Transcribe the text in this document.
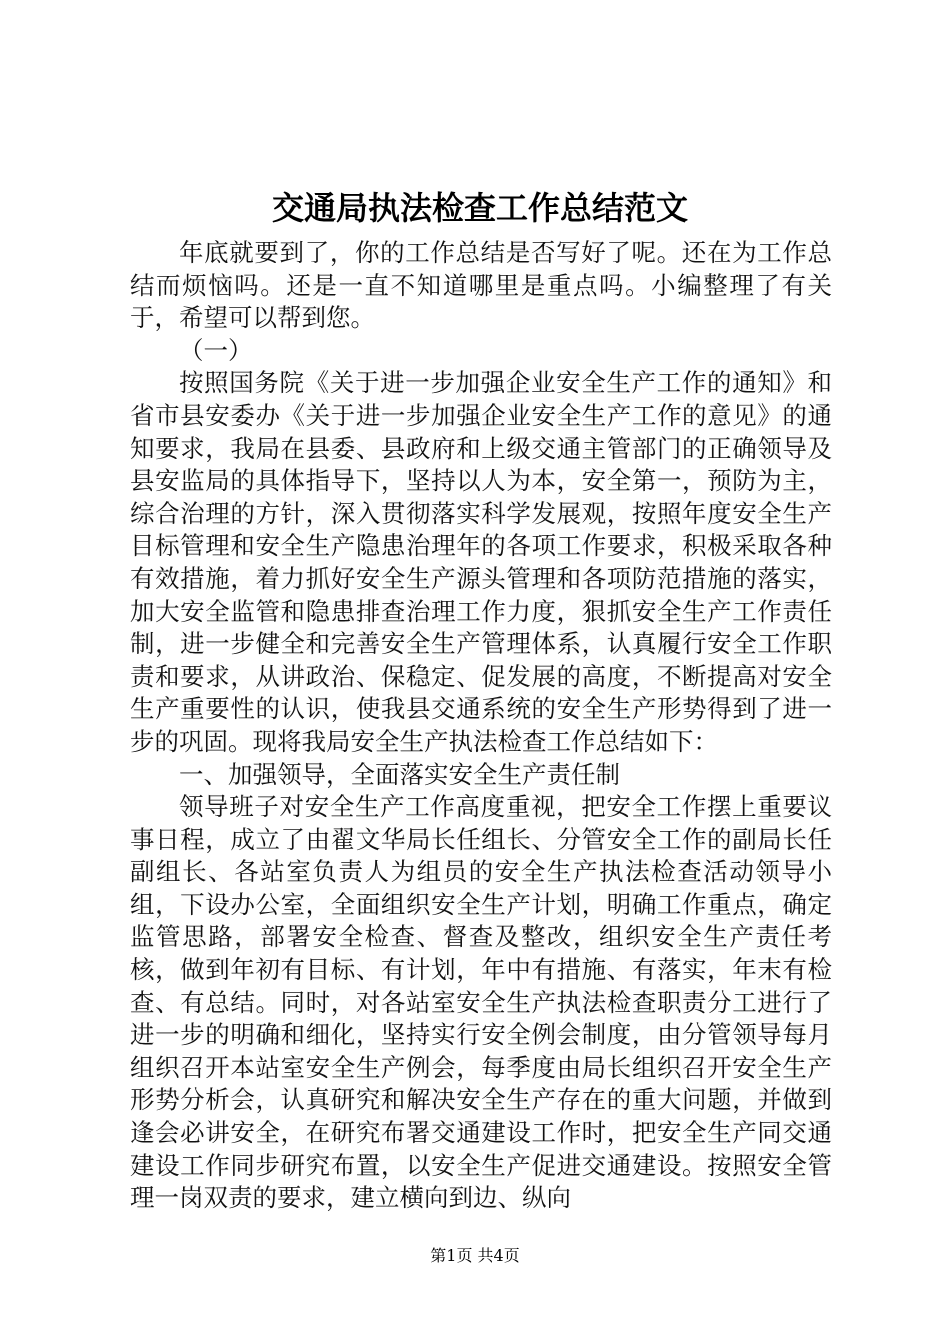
交通局执法检查工作总结范文

年底就要到了，你的工作总结是否写好了呢。还在为工作总结而烦恼吗。还是一直不知道哪里是重点吗。小编整理了有关于，希望可以帮到您。

（一）

按照国务院《关于进一步加强企业安全生产工作的通知》和省市县安委办《关于进一步加强企业安全生产工作的意见》的通知要求，我局在县委、县政府和上级交通主管部门的正确领导及县安监局的具体指导下，坚持以人为本，安全第一，预防为主，综合治理的方针，深入贯彻落实科学发展观，按照年度安全生产目标管理和安全生产隐患治理年的各项工作要求，积极采取各种有效措施，着力抓好安全生产源头管理和各项防范措施的落实，加大安全监管和隐患排查治理工作力度，狠抓安全生产工作责任制，进一步健全和完善安全生产管理体系，认真履行安全工作职责和要求，从讲政治、保稳定、促发展的高度，不断提高对安全生产重要性的认识，使我县交通系统的安全生产形势得到了进一步的巩固。现将我局安全生产执法检查工作总结如下：

一、加强领导，全面落实安全生产责任制

领导班子对安全生产工作高度重视，把安全工作摆上重要议事日程，成立了由翟文华局长任组长、分管安全工作的副局长任副组长、各站室负责人为组员的安全生产执法检查活动领导小组，下设办公室，全面组织安全生产计划，明确工作重点，确定监管思路，部署安全检查、督查及整改，组织安全生产责任考核，做到年初有目标、有计划，年中有措施、有落实，年末有检查、有总结。同时，对各站室安全生产执法检查职责分工进行了进一步的明确和细化，坚持实行安全例会制度，由分管领导每月组织召开本站室安全生产例会，每季度由局长组织召开安全生产形势分析会，认真研究和解决安全生产存在的重大问题，并做到逢会必讲安全，在研究布署交通建设工作时，把安全生产同交通建设工作同步研究布置，以安全生产促进交通建设。按照安全管理一岗双责的要求，建立横向到边、纵向

第1页 共4页
